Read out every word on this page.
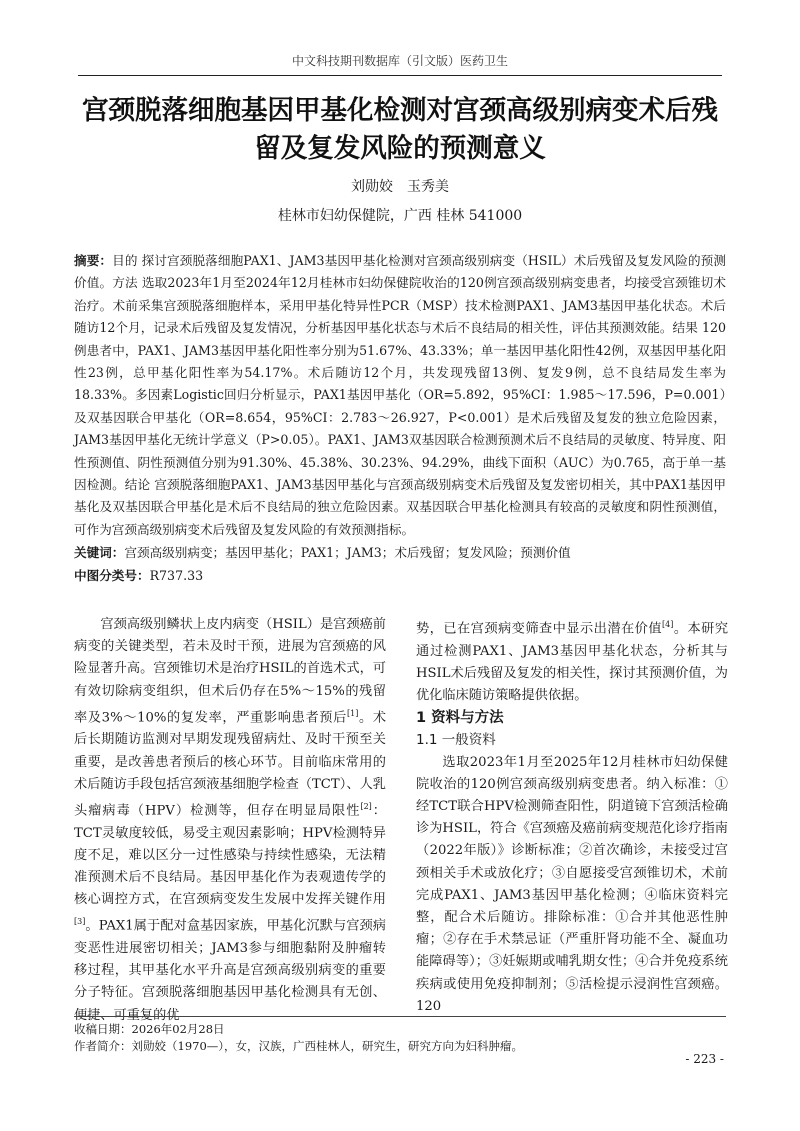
中文科技期刊数据库（引文版）医药卫生
宫颈脱落细胞基因甲基化检测对宫颈高级别病变术后残
留及复发风险的预测意义
刘勋姣　玉秀美
桂林市妇幼保健院，广西 桂林 541000
摘要：目的 探讨宫颈脱落细胞PAX1、JAM3基因甲基化检测对宫颈高级别病变（HSIL）术后残留及复发风险的预测价值。方法 选取2023年1月至2024年12月桂林市妇幼保健院收治的120例宫颈高级别病变患者，均接受宫颈锥切术治疗。术前采集宫颈脱落细胞样本，采用甲基化特异性PCR（MSP）技术检测PAX1、JAM3基因甲基化状态。术后随访12个月，记录术后残留及复发情况，分析基因甲基化状态与术后不良结局的相关性，评估其预测效能。结果 120例患者中，PAX1、JAM3基因甲基化阳性率分别为51.67%、43.33%；单一基因甲基化阳性42例，双基因甲基化阳性23例，总甲基化阳性率为54.17%。术后随访12个月，共发现残留13例、复发9例，总不良结局发生率为18.33%。多因素Logistic回归分析显示，PAX1基因甲基化（OR=5.892，95%CI：1.985～17.596，P=0.001）及双基因联合甲基化（OR=8.654，95%CI：2.783～26.927，P<0.001）是术后残留及复发的独立危险因素，JAM3基因甲基化无统计学意义（P>0.05）。PAX1、JAM3双基因联合检测预测术后不良结局的灵敏度、特异度、阳性预测值、阴性预测值分别为91.30%、45.38%、30.23%、94.29%，曲线下面积（AUC）为0.765，高于单一基因检测。结论 宫颈脱落细胞PAX1、JAM3基因甲基化与宫颈高级别病变术后残留及复发密切相关，其中PAX1基因甲基化及双基因联合甲基化是术后不良结局的独立危险因素。双基因联合甲基化检测具有较高的灵敏度和阴性预测值，可作为宫颈高级别病变术后残留及复发风险的有效预测指标。
关键词：宫颈高级别病变；基因甲基化；PAX1；JAM3；术后残留；复发风险；预测价值
中图分类号：R737.33

宫颈高级别鳞状上皮内病变（HSIL）是宫颈癌前病变的关键类型，若未及时干预，进展为宫颈癌的风险显著升高。宫颈锥切术是治疗HSIL的首选术式，可有效切除病变组织，但术后仍存在5%～15%的残留率及3%～10%的复发率，严重影响患者预后[1]。术后长期随访监测对早期发现残留病灶、及时干预至关重要，是改善患者预后的核心环节。目前临床常用的术后随访手段包括宫颈液基细胞学检查（TCT）、人乳头瘤病毒（HPV）检测等，但存在明显局限性[2]：TCT灵敏度较低，易受主观因素影响；HPV检测特异度不足，难以区分一过性感染与持续性感染，无法精准预测术后不良结局。基因甲基化作为表观遗传学的核心调控方式，在宫颈病变发生发展中发挥关键作用[3]。PAX1属于配对盒基因家族，甲基化沉默与宫颈病变恶性进展密切相关；JAM3参与细胞黏附及肿瘤转移过程，其甲基化水平升高是宫颈高级别病变的重要分子特征。宫颈脱落细胞基因甲基化检测具有无创、便捷、可重复的优

势，已在宫颈病变筛查中显示出潜在价值[4]。本研究通过检测PAX1、JAM3基因甲基化状态，分析其与HSIL术后残留及复发的相关性，探讨其预测价值，为优化临床随访策略提供依据。

1 资料与方法

1.1 一般资料

选取2023年1月至2025年12月桂林市妇幼保健院收治的120例宫颈高级别病变患者。纳入标准：①经TCT联合HPV检测筛查阳性，阴道镜下宫颈活检确诊为HSIL，符合《宫颈癌及癌前病变规范化诊疗指南（2022年版）》诊断标准；②首次确诊，未接受过宫颈相关手术或放化疗；③自愿接受宫颈锥切术，术前完成PAX1、JAM3基因甲基化检测；④临床资料完整，配合术后随访。排除标准：①合并其他恶性肿瘤；②存在手术禁忌证（严重肝肾功能不全、凝血功能障碍等）；③妊娠期或哺乳期女性；④合并免疫系统疾病或使用免疫抑制剂；⑤活检提示浸润性宫颈癌。120

收稿日期：2026年02月28日
作者简介：刘勋姣（1970—），女，汉族，广西桂林人，研究生，研究方向为妇科肿瘤。
- 223 -
